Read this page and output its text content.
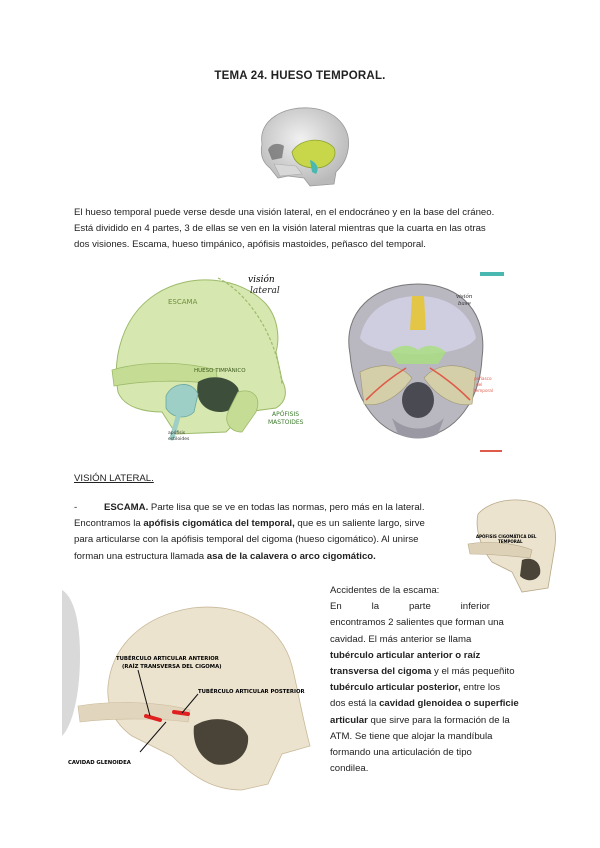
TEMA 24. HUESO TEMPORAL.
El hueso temporal puede verse desde una visión lateral, en el endocráneo y en la base del cráneo.
Está dividido en 4 partes, 3 de ellas se ven en la visión lateral mientras que la cuarta en las otras
dos visiones. Escama, hueso timpánico, apófisis mastoides, peñasco del temporal.
visión
lateral
ESCAMA
HUESO TIMPÁNICO
APÓFISIS
MASTOIDES
apófisis
estiloides
visión
base
peñasco
del
temporal
VISIÓN LATERAL.
-	ESCAMA. Parte lisa que se ve en todas las normas, pero más en la lateral.
Encontramos la apófisis cigomática del temporal, que es un saliente largo, sirve
para articularse con la apófisis temporal del cigoma (hueso cigomático). Al unirse
forman una estructura llamada asa de la calavera o arco cigomático.
APÓFISIS CIGOMÁTICA DEL
TEMPORAL
TUBÉRCULO ARTICULAR ANTERIOR
(RAÍZ TRANSVERSA DEL CIGOMA)
TUBÉRCULO ARTICULAR POSTERIOR
CAVIDAD GLENOIDEA
Accidentes de la escama:
En	la	parte	inferior
encontramos 2 salientes que forman una
cavidad. El más anterior se llama
tubérculo articular anterior o raíz
transversa del cigoma y el más pequeñito
tubérculo articular posterior, entre los
dos está la cavidad glenoidea o superficie
articular que sirve para la formación de la
ATM. Se tiene que alojar la mandíbula
formando una articulación de tipo
condilea.
